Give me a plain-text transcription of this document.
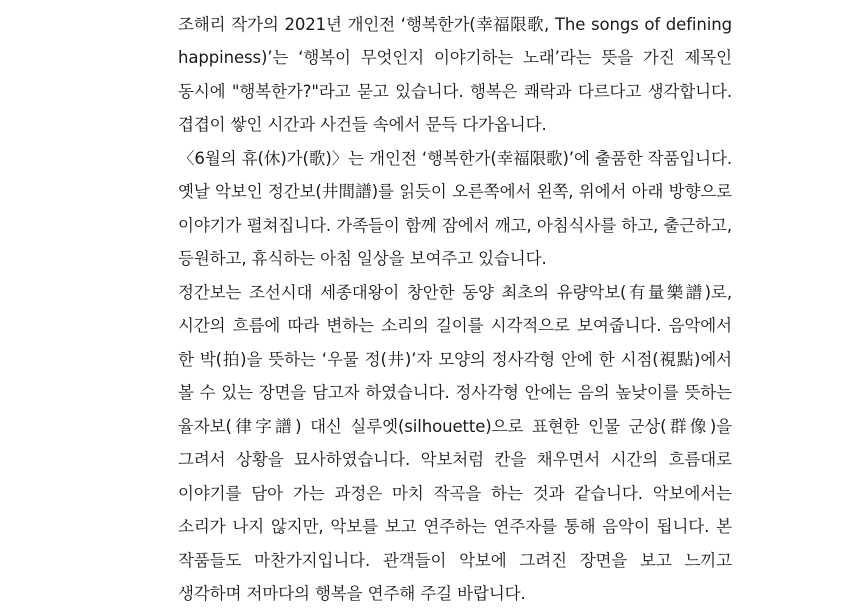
조해리 작가의 2021년 개인전 ‘행복한가(幸福限歌, The songs of defining happiness)’는 ‘행복이 무엇인지 이야기하는 노래’라는 뜻을 가진 제목인 동시에 "행복한가?"라고 묻고 있습니다. 행복은 쾌락과 다르다고 생각합니다. 겹겹이 쌓인 시간과 사건들 속에서 문득 다가옵니다.

〈6월의 휴(休)가(歌)〉는 개인전 ‘행복한가(幸福限歌)’에 출품한 작품입니다. 옛날 악보인 정간보(井間譜)를 읽듯이 오른쪽에서 왼쪽, 위에서 아래 방향으로 이야기가 펼쳐집니다. 가족들이 함께 잠에서 깨고, 아침식사를 하고, 출근하고, 등원하고, 휴식하는 아침 일상을 보여주고 있습니다.

정간보는 조선시대 세종대왕이 창안한 동양 최초의 유량악보(有量樂譜)로, 시간의 흐름에 따라 변하는 소리의 길이를 시각적으로 보여줍니다. 음악에서 한 박(拍)을 뜻하는 ‘우물 정(井)’자 모양의 정사각형 안에 한 시점(視點)에서 볼 수 있는 장면을 담고자 하였습니다. 정사각형 안에는 음의 높낮이를 뜻하는 율자보(律字譜) 대신 실루엣(silhouette)으로 표현한 인물 군상(群像)을 그려서 상황을 묘사하였습니다. 악보처럼 칸을 채우면서 시간의 흐름대로 이야기를 담아 가는 과정은 마치 작곡을 하는 것과 같습니다. 악보에서는 소리가 나지 않지만, 악보를 보고 연주하는 연주자를 통해 음악이 됩니다. 본 작품들도 마찬가지입니다. 관객들이 악보에 그려진 장면을 보고 느끼고 생각하며 저마다의 행복을 연주해 주길 바랍니다.
